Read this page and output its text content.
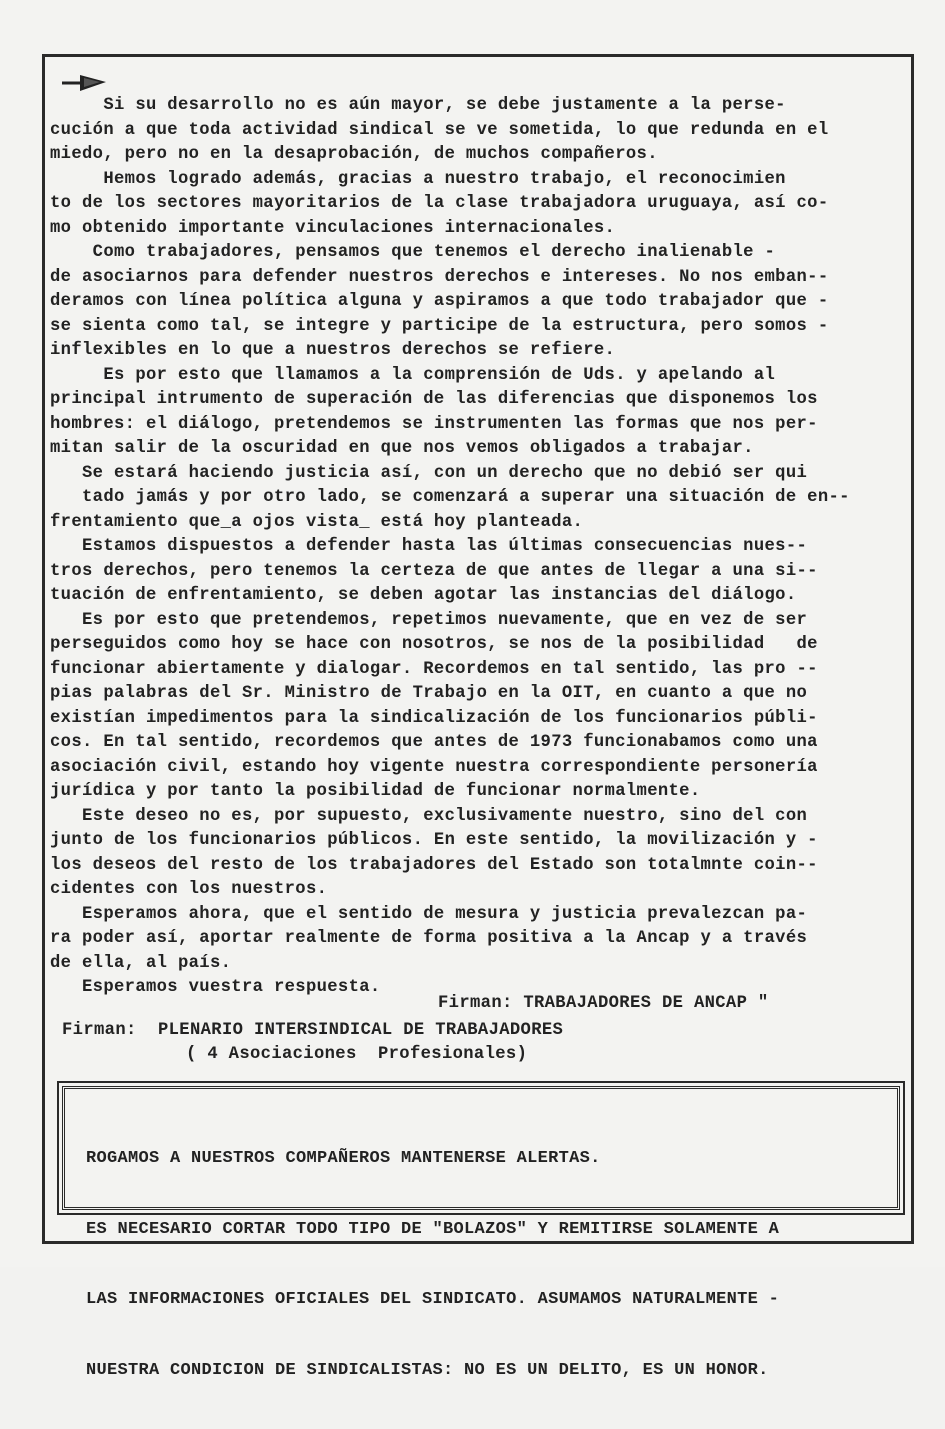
Si su desarrollo no es aún mayor, se debe justamente a la perse-
cución a que toda actividad sindical se ve sometida, lo que redunda en el
miedo, pero no en la desaprobación, de muchos compañeros.
Hemos logrado además, gracias a nuestro trabajo, el reconocimien
to de los sectores mayoritarios de la clase trabajadora uruguaya, así co-
mo obtenido importante vinculaciones internacionales.
Como trabajadores, pensamos que tenemos el derecho inalienable -
de asociarnos para defender nuestros derechos e intereses. No nos emban--
deramos con línea política alguna y aspiramos a que todo trabajador que -
se sienta como tal, se integre y participe de la estructura, pero somos -
inflexibles en lo que a nuestros derechos se refiere.
Es por esto que llamamos a la comprensión de Uds. y apelando al
principal intrumento de superación de las diferencias que disponemos los
hombres: el diálogo, pretendemos se instrumenten las formas que nos per-
mitan salir de la oscuridad en que nos vemos obligados a trabajar.
Se estará haciendo justicia así, con un derecho que no debió ser qui
tado jamás y por otro lado, se comenzará a superar una situación de en--
frentamiento que_a ojos vista_ está hoy planteada.
Estamos dispuestos a defender hasta las últimas consecuencias nues--
tros derechos, pero tenemos la certeza de que antes de llegar a una si--
tuación de enfrentamiento, se deben agotar las instancias del diálogo.
Es por esto que pretendemos, repetimos nuevamente, que en vez de ser
perseguidos como hoy se hace con nosotros, se nos de la posibilidad   de
funcionar abiertamente y dialogar. Recordemos en tal sentido, las pro --
pias palabras del Sr. Ministro de Trabajo en la OIT, en cuanto a que no
existían impedimentos para la sindicalización de los funcionarios públi-
cos. En tal sentido, recordemos que antes de 1973 funcionabamos como una
asociación civil, estando hoy vigente nuestra correspondiente personería
jurídica y por tanto la posibilidad de funcionar normalmente.
Este deseo no es, por supuesto, exclusivamente nuestro, sino del con
junto de los funcionarios públicos. En este sentido, la movilización y -
los deseos del resto de los trabajadores del Estado son totalmnte coin--
cidentes con los nuestros.
Esperamos ahora, que el sentido de mesura y justicia prevalezcan pa-
ra poder así, aportar realmente de forma positiva a la Ancap y a través
de ella, al país.
Esperamos vuestra respuesta.
Firman: TRABAJADORES DE ANCAP "
Firman:  PLENARIO INTERSINDICAL DE TRABAJADORES
( 4 Asociaciones  Profesionales)

ROGAMOS A NUESTROS COMPAÑEROS MANTENERSE ALERTAS.

ES NECESARIO CORTAR TODO TIPO DE "BOLAZOS" Y REMITIRSE SOLAMENTE A

LAS INFORMACIONES OFICIALES DEL SINDICATO. ASUMAMOS NATURALMENTE -

NUESTRA CONDICION DE SINDICALISTAS: NO ES UN DELITO, ES UN HONOR.
